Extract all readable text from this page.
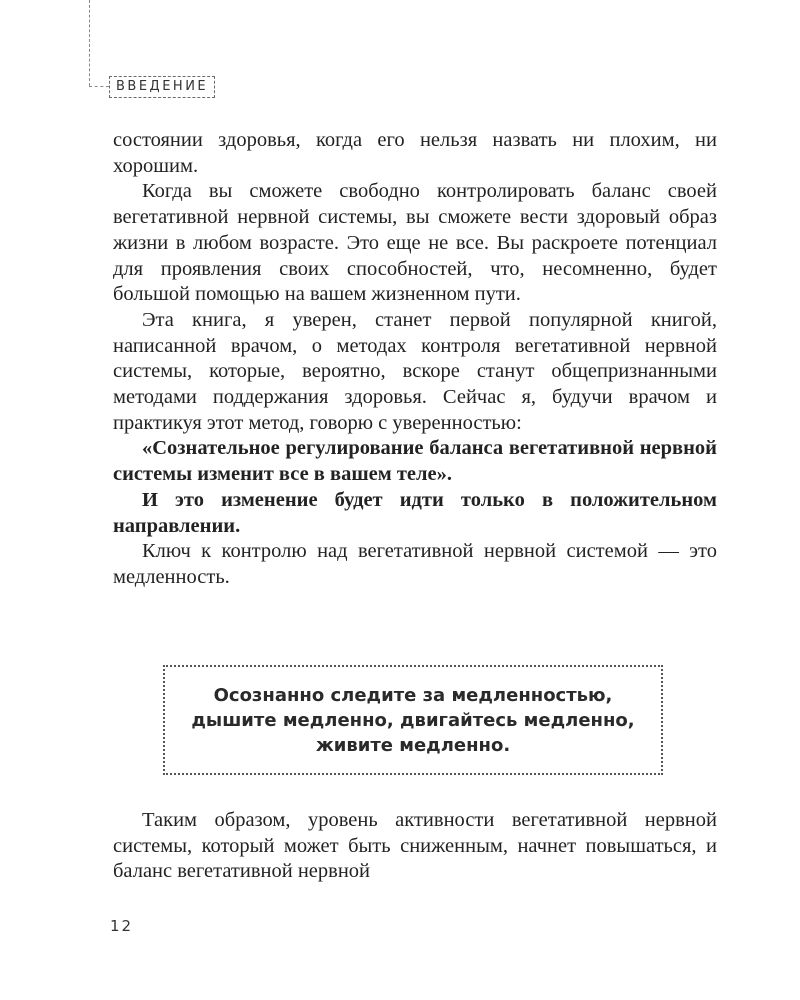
ВВЕДЕНИЕ

состоянии здоровья, когда его нельзя назвать ни плохим, ни хорошим.

Когда вы сможете свободно контролировать баланс своей вегетативной нервной системы, вы сможете вести здоровый образ жизни в любом возрасте. Это еще не все. Вы раскроете потенциал для проявления своих способностей, что, несомненно, будет большой помощью на вашем жизненном пути.

Эта книга, я уверен, станет первой популярной книгой, написанной врачом, о методах контроля вегетативной нервной системы, которые, вероятно, вскоре станут общепризнанными методами поддержания здоровья. Сейчас я, будучи врачом и практикуя этот метод, говорю с уверенностью:

«Сознательное регулирование баланса вегетативной нервной системы изменит все в вашем теле».

И это изменение будет идти только в положительном направлении.

Ключ к контролю над вегетативной нервной системой — это медленность.

Осознанно следите за медленностью,
дышите медленно, двигайтесь медленно,
живите медленно.

Таким образом, уровень активности вегетативной нервной системы, который может быть сниженным, начнет повышаться, и баланс вегетативной нервной

12
